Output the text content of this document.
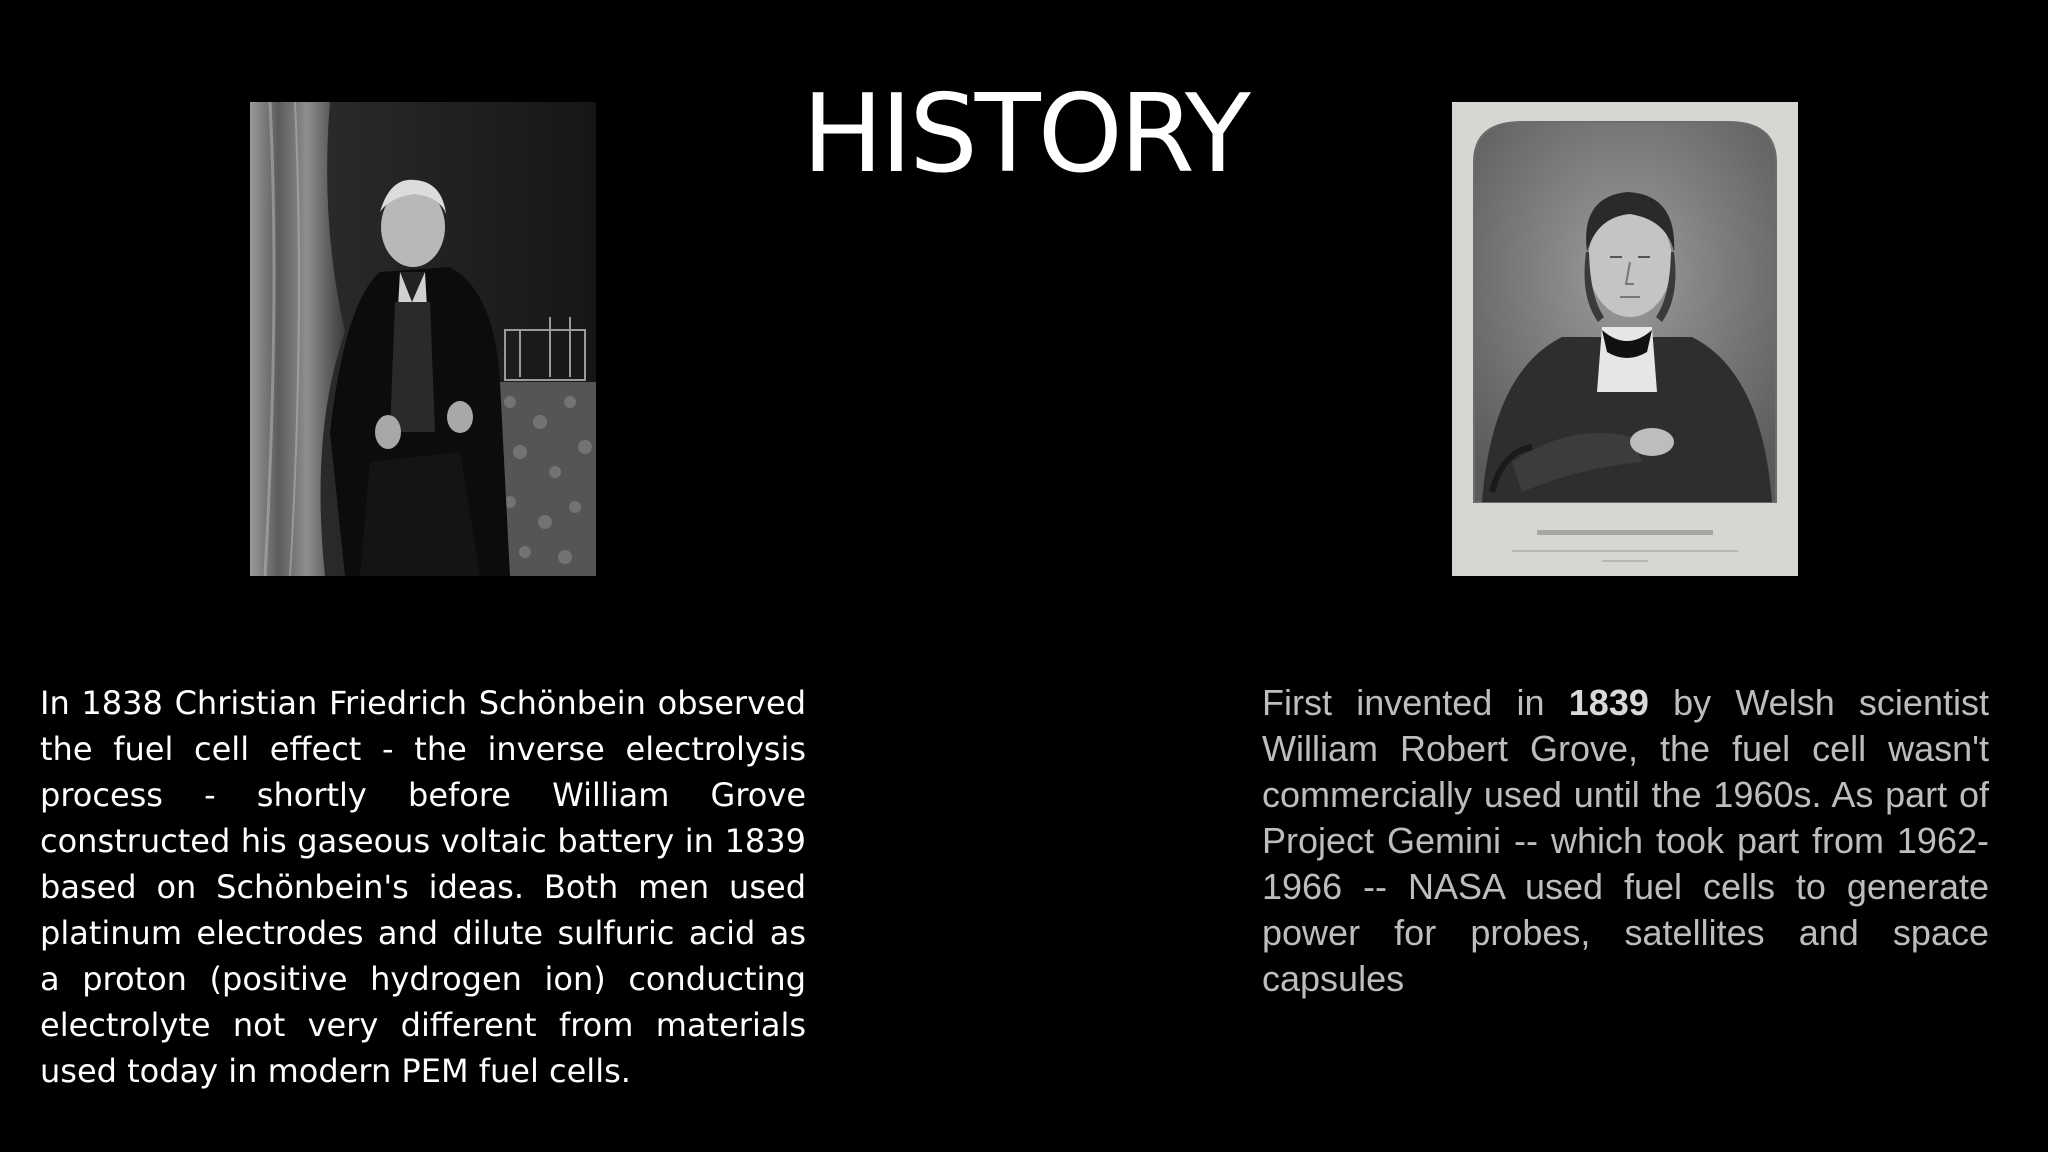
HISTORY

In 1838 Christian Friedrich Schönbein observed the fuel cell effect - the inverse electrolysis process - shortly before William Grove constructed his gaseous voltaic battery in 1839 based on Schönbein's ideas. Both men used platinum electrodes and dilute sulfuric acid as a proton (positive hydrogen ion) conducting electrolyte not very different from materials used today in modern PEM fuel cells.

First invented in 1839 by Welsh scientist William Robert Grove, the fuel cell wasn't commercially used until the 1960s. As part of Project Gemini -- which took part from 1962-1966 -- NASA used fuel cells to generate power for probes, satellites and space capsules
